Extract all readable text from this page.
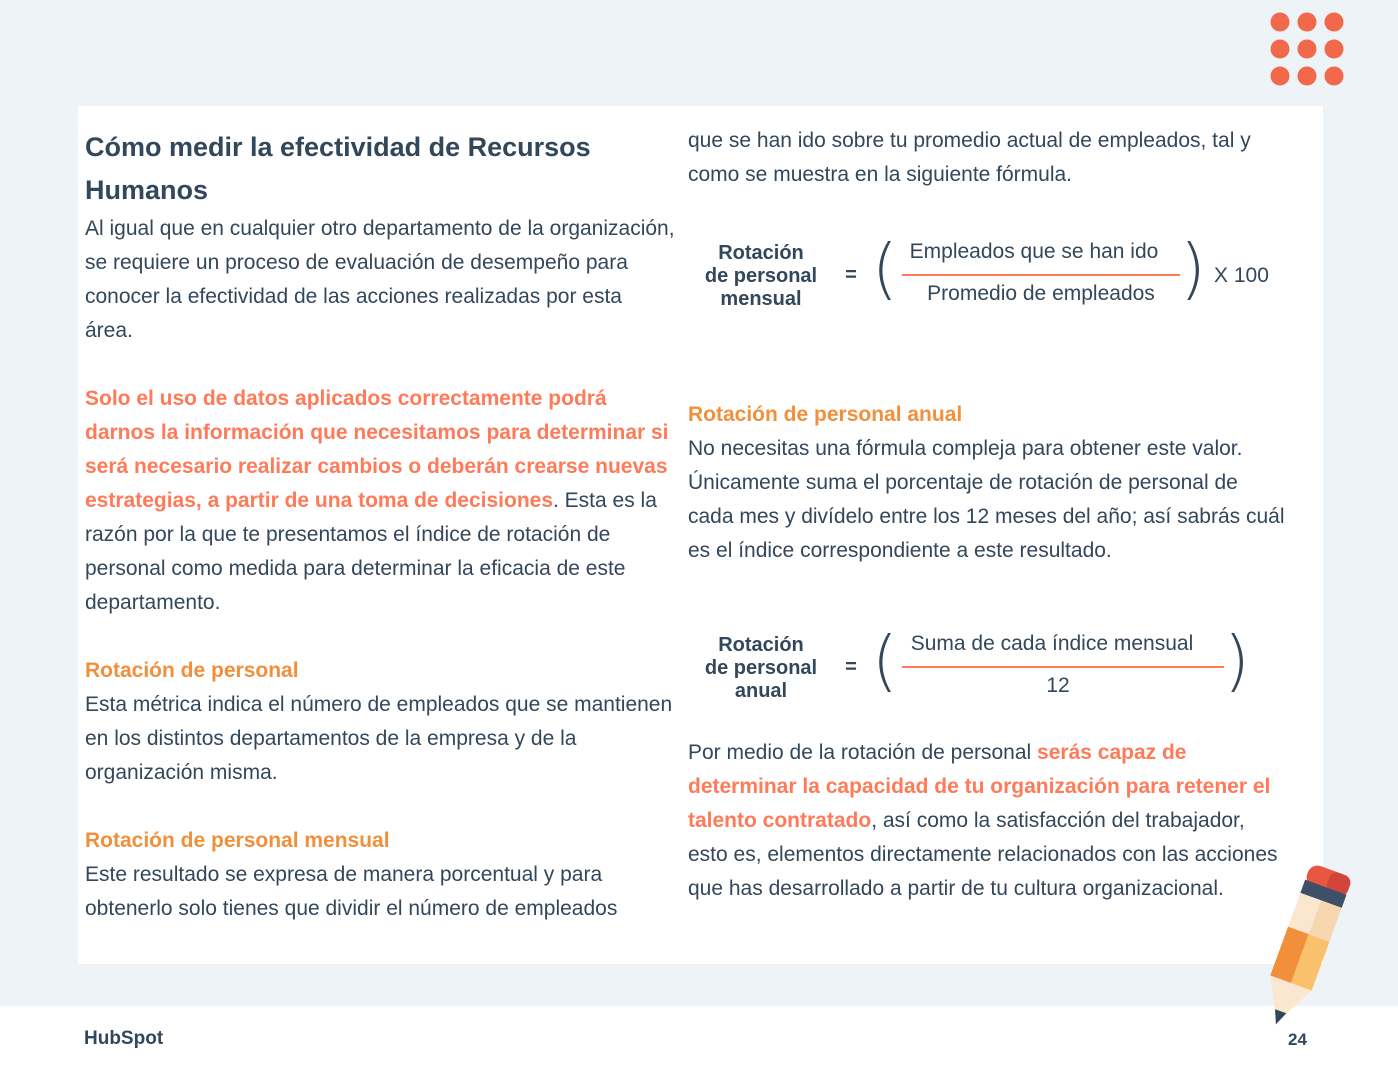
Cómo medir la efectividad de Recursos Humanos

Al igual que en cualquier otro departamento de la organización, se requiere un proceso de evaluación de desempeño para conocer la efectividad de las acciones realizadas por esta área.

Solo el uso de datos aplicados correctamente podrá darnos la información que necesitamos para determinar si será necesario realizar cambios o deberán crearse nuevas estrategias, a partir de una toma de decisiones. Esta es la razón por la que te presentamos el índice de rotación de personal como medida para determinar la eficacia de este departamento.

Rotación de personal

Esta métrica indica el número de empleados que se mantienen en los distintos departamentos de la empresa y de la organización misma.

Rotación de personal mensual

Este resultado se expresa de manera porcentual y para obtenerlo solo tienes que dividir el número de empleados

que se han ido sobre tu promedio actual de empleados, tal y como se muestra en la siguiente fórmula.

Rotación
de personal
mensual
= ( Empleados que se han ido
Promedio de empleados ) X 100

Rotación de personal anual

No necesitas una fórmula compleja para obtener este valor. Únicamente suma el porcentaje de rotación de personal de cada mes y divídelo entre los 12 meses del año; así sabrás cuál es el índice correspondiente a este resultado.

Rotación
de personal
anual
= ( Suma de cada índice mensual
12	)

Por medio de la rotación de personal serás capaz de determinar la capacidad de tu organización para retener el talento contratado, así como la satisfacción del trabajador, esto es, elementos directamente relacionados con las acciones que has desarrollado a partir de tu cultura organizacional.

HubSpot	24
